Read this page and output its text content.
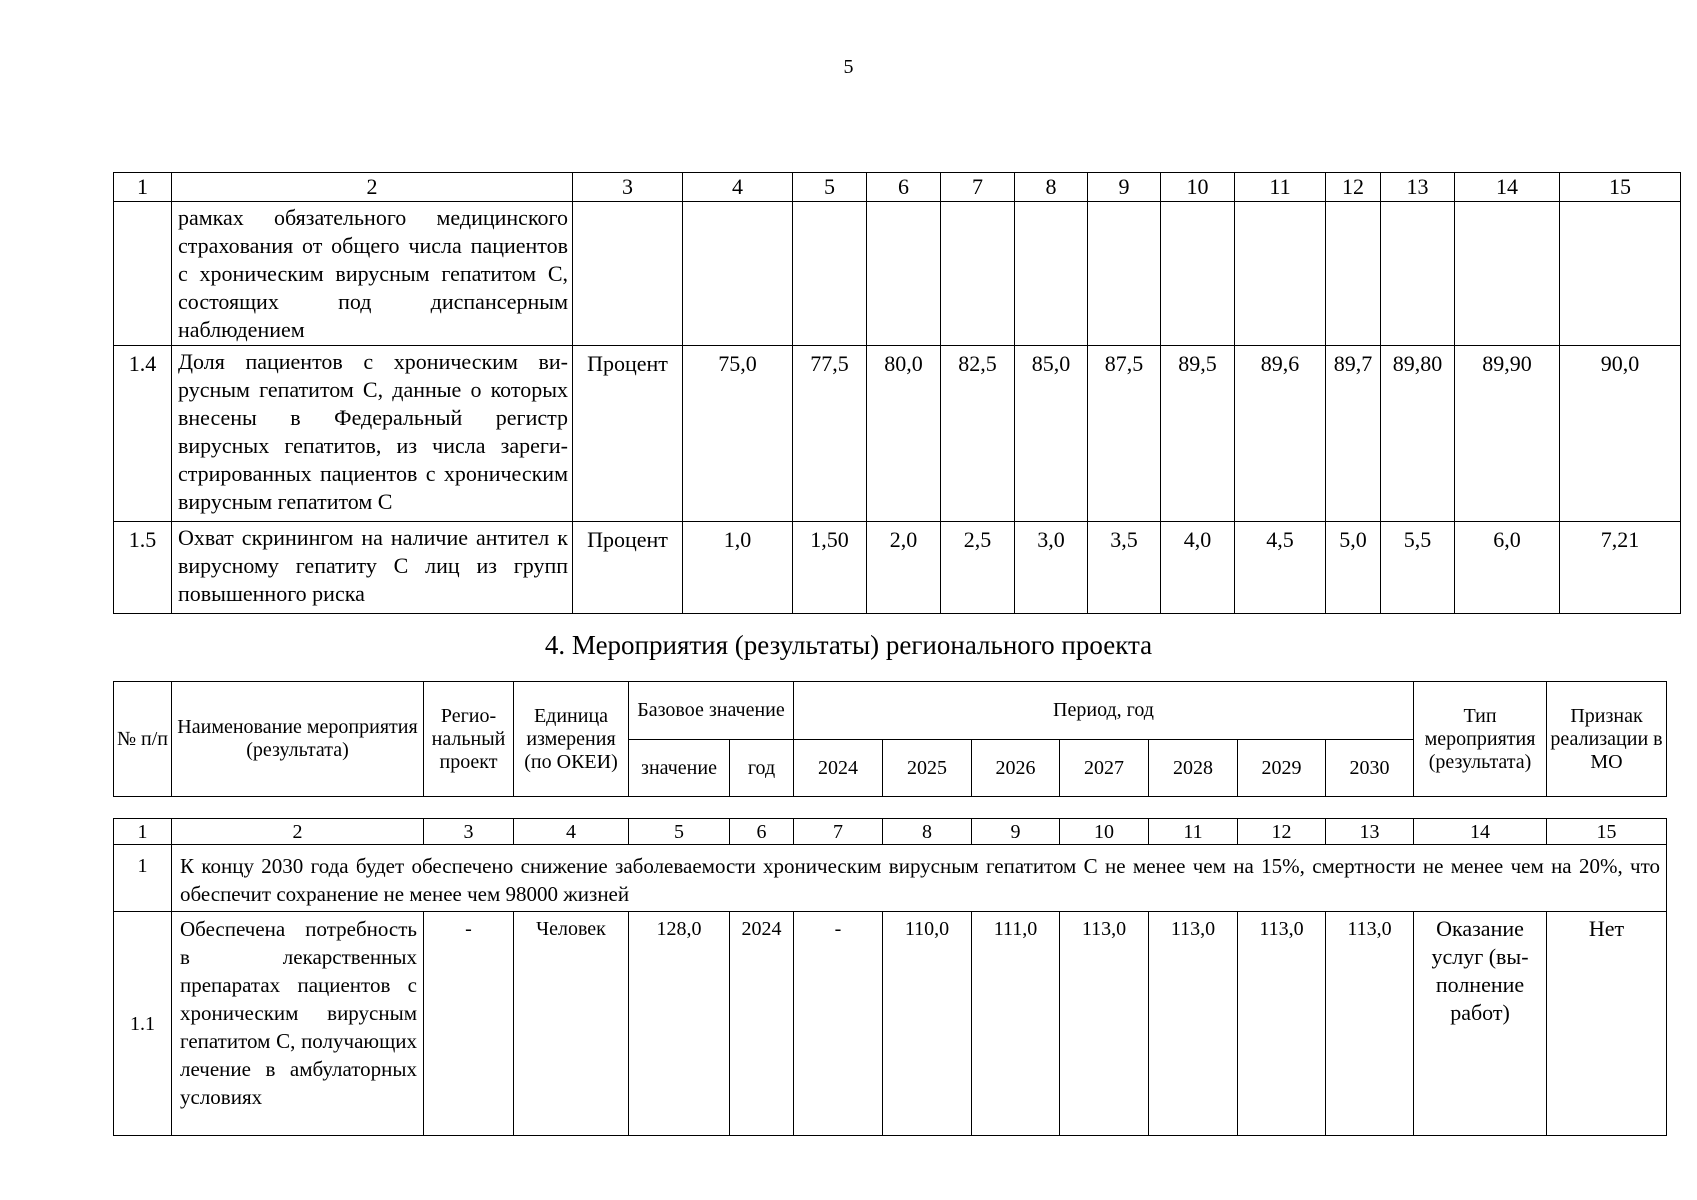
5
1	2	3	4	5	6	7	8	9	10	11	12	13	14	15
	рамках обязательного медицинского страхования от общего числа пациентов с хроническим вирусным гепатитом С, состоящих под диспансерным наблюдением													
1.4	Доля пациентов с хроническим вирусным гепатитом С, данные о которых внесены в Федеральный регистр вирусных гепатитов, из числа зарегистрированных пациентов с хроническим вирусным гепатитом С	Процент	75,0	77,5	80,0	82,5	85,0	87,5	89,5	89,6	89,7	89,80	89,90	90,0
1.5	Охват скринингом на наличие антител к вирусному гепатиту С лиц из групп повышенного риска	Процент	1,0	1,50	2,0	2,5	3,0	3,5	4,0	4,5	5,0	5,5	6,0	7,21
4. Мероприятия (результаты) регионального проекта
№ п/п	Наименование мероприятия (результата)	Региональный проект	Единица измерения (по ОКЕИ)	Базовое значение		Период, год							Тип мероприятия (результата)	Признак реализации в МО
				значение	год	2024	2025	2026	2027	2028	2029	2030		
1	2	3	4	5	6	7	8	9	10	11	12	13	14	15
1	К концу 2030 года будет обеспечено снижение заболеваемости хроническим вирусным гепатитом С не менее чем на 15%, смертности не менее чем на 20%, что обеспечит сохранение не менее чем 98000 жизней													
1.1	Обеспечена потребность в лекарственных препаратах пациентов с хроническим вирусным гепатитом С, получающих лечение в амбулаторных условиях	-	Человек	128,0	2024	-	110,0	111,0	113,0	113,0	113,0	113,0	Оказание услуг (выполнение работ)	Нет
